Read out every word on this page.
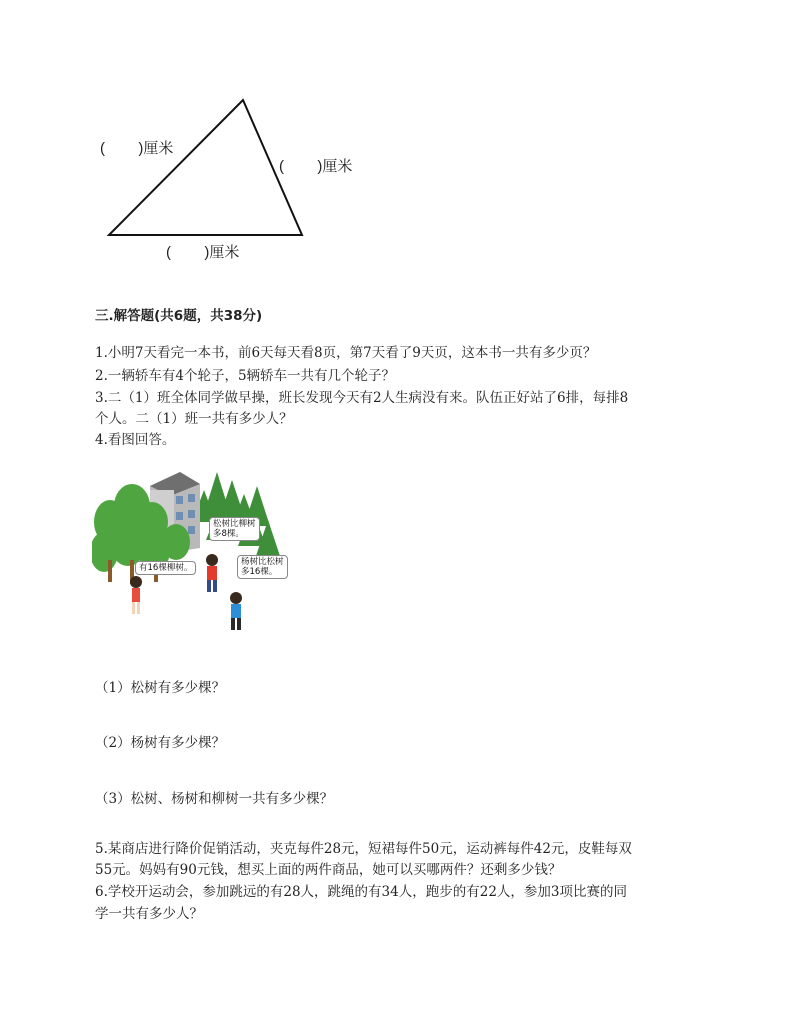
(        )厘米
(        )厘米
(        )厘米
三.解答题(共6题，共38分)
1.小明7天看完一本书，前6天每天看8页，第7天看了9天页，这本书一共有多少页？
2.一辆轿车有4个轮子，5辆轿车一共有几个轮子？
3.二（1）班全体同学做早操，班长发现今天有2人生病没有来。队伍正好站了6排，每排8
个人。二（1）班一共有多少人？
4.看图回答。
有16棵柳树。
松树比柳树
多8棵。
杨树比松树
多16棵。
（1）松树有多少棵？
（2）杨树有多少棵？
（3）松树、杨树和柳树一共有多少棵？
5.某商店进行降价促销活动，夹克每件28元，短裙每件50元，运动裤每件42元，皮鞋每双
55元。妈妈有90元钱，想买上面的两件商品，她可以买哪两件？还剩多少钱？
6.学校开运动会，参加跳远的有28人，跳绳的有34人，跑步的有22人，参加3项比赛的同
学一共有多少人？
